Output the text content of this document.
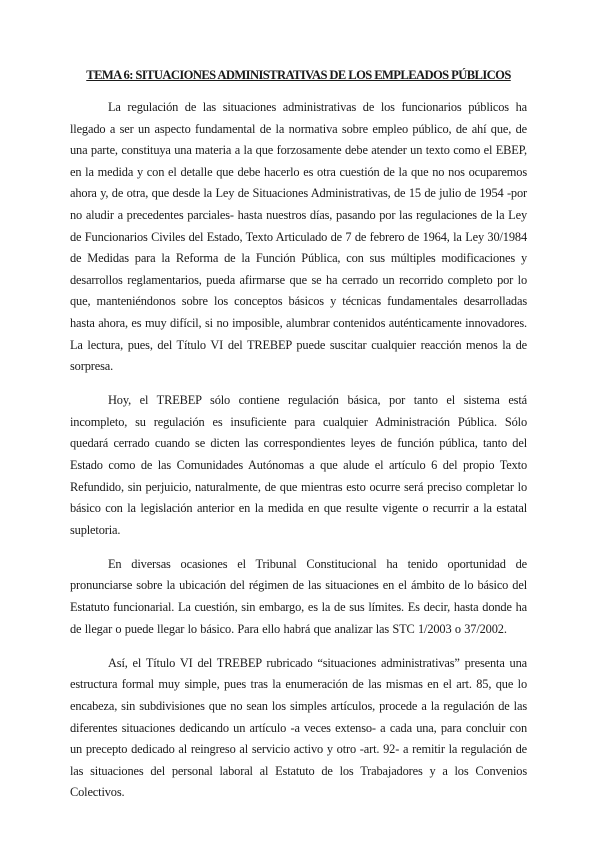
TEMA 6: SITUACIONES ADMINISTRATIVAS DE LOS EMPLEADOS PÚBLICOS

La regulación de las situaciones administrativas de los funcionarios públicos ha llegado a ser un aspecto fundamental de la normativa sobre empleo público, de ahí que, de una parte, constituya una materia a la que forzosamente debe atender un texto como el EBEP, en la medida y con el detalle que debe hacerlo es otra cuestión de la que no nos ocuparemos ahora y, de otra, que desde la Ley de Situaciones Administrativas, de 15 de julio de 1954 -por no aludir a precedentes parciales- hasta nuestros días, pasando por las regulaciones de la Ley de Funcionarios Civiles del Estado, Texto Articulado de 7 de febrero de 1964, la Ley 30/1984 de Medidas para la Reforma de la Función Pública, con sus múltiples modificaciones y desarrollos reglamentarios, pueda afirmarse que se ha cerrado un recorrido completo por lo que, manteniéndonos sobre los conceptos básicos y técnicas fundamentales desarrolladas hasta ahora, es muy difícil, si no imposible, alumbrar contenidos auténticamente innovadores. La lectura, pues, del Título VI del TREBEP puede suscitar cualquier reacción menos la de sorpresa.

Hoy, el TREBEP sólo contiene regulación básica, por tanto el sistema está incompleto, su regulación es insuficiente para cualquier Administración Pública. Sólo quedará cerrado cuando se dicten las correspondientes leyes de función pública, tanto del Estado como de las Comunidades Autónomas a que alude el artículo 6 del propio Texto Refundido, sin perjuicio, naturalmente, de que mientras esto ocurre será preciso completar lo básico con la legislación anterior en la medida en que resulte vigente o recurrir a la estatal supletoria.

En diversas ocasiones el Tribunal Constitucional ha tenido oportunidad de pronunciarse sobre la ubicación del régimen de las situaciones en el ámbito de lo básico del Estatuto funcionarial. La cuestión, sin embargo, es la de sus límites. Es decir, hasta donde ha de llegar o puede llegar lo básico. Para ello habrá que analizar las STC 1/2003 o 37/2002.

Así, el Título VI del TREBEP rubricado “situaciones administrativas” presenta una estructura formal muy simple, pues tras la enumeración de las mismas en el art. 85, que lo encabeza, sin subdivisiones que no sean los simples artículos, procede a la regulación de las diferentes situaciones dedicando un artículo -a veces extenso- a cada una, para concluir con un precepto dedicado al reingreso al servicio activo y otro -art. 92- a remitir la regulación de las situaciones del personal laboral al Estatuto de los Trabajadores y a los Convenios Colectivos.
